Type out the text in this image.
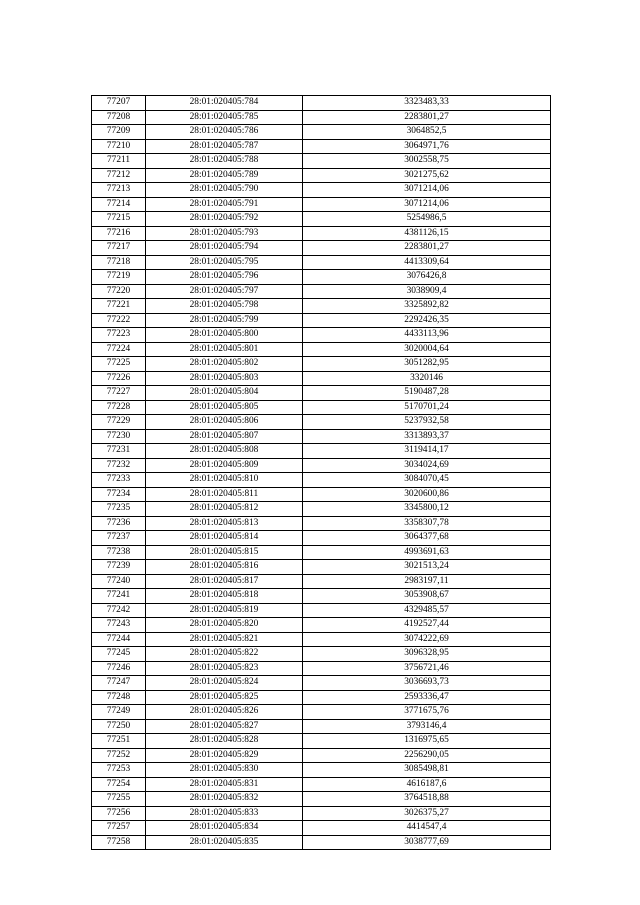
77207	28:01:020405:784	3323483,33
77208	28:01:020405:785	2283801,27
77209	28:01:020405:786	3064852,5
77210	28:01:020405:787	3064971,76
77211	28:01:020405:788	3002558,75
77212	28:01:020405:789	3021275,62
77213	28:01:020405:790	3071214,06
77214	28:01:020405:791	3071214,06
77215	28:01:020405:792	5254986,5
77216	28:01:020405:793	4381126,15
77217	28:01:020405:794	2283801,27
77218	28:01:020405:795	4413309,64
77219	28:01:020405:796	3076426,8
77220	28:01:020405:797	3038909,4
77221	28:01:020405:798	3325892,82
77222	28:01:020405:799	2292426,35
77223	28:01:020405:800	4433113,96
77224	28:01:020405:801	3020004,64
77225	28:01:020405:802	3051282,95
77226	28:01:020405:803	3320146
77227	28:01:020405:804	5190487,28
77228	28:01:020405:805	5170701,24
77229	28:01:020405:806	5237932,58
77230	28:01:020405:807	3313893,37
77231	28:01:020405:808	3119414,17
77232	28:01:020405:809	3034024,69
77233	28:01:020405:810	3084070,45
77234	28:01:020405:811	3020600,86
77235	28:01:020405:812	3345800,12
77236	28:01:020405:813	3358307,78
77237	28:01:020405:814	3064377,68
77238	28:01:020405:815	4993691,63
77239	28:01:020405:816	3021513,24
77240	28:01:020405:817	2983197,11
77241	28:01:020405:818	3053908,67
77242	28:01:020405:819	4329485,57
77243	28:01:020405:820	4192527,44
77244	28:01:020405:821	3074222,69
77245	28:01:020405:822	3096328,95
77246	28:01:020405:823	3756721,46
77247	28:01:020405:824	3036693,73
77248	28:01:020405:825	2593336,47
77249	28:01:020405:826	3771675,76
77250	28:01:020405:827	3793146,4
77251	28:01:020405:828	1316975,65
77252	28:01:020405:829	2256290,05
77253	28:01:020405:830	3085498,81
77254	28:01:020405:831	4616187,6
77255	28:01:020405:832	3764518,88
77256	28:01:020405:833	3026375,27
77257	28:01:020405:834	4414547,4
77258	28:01:020405:835	3038777,69
